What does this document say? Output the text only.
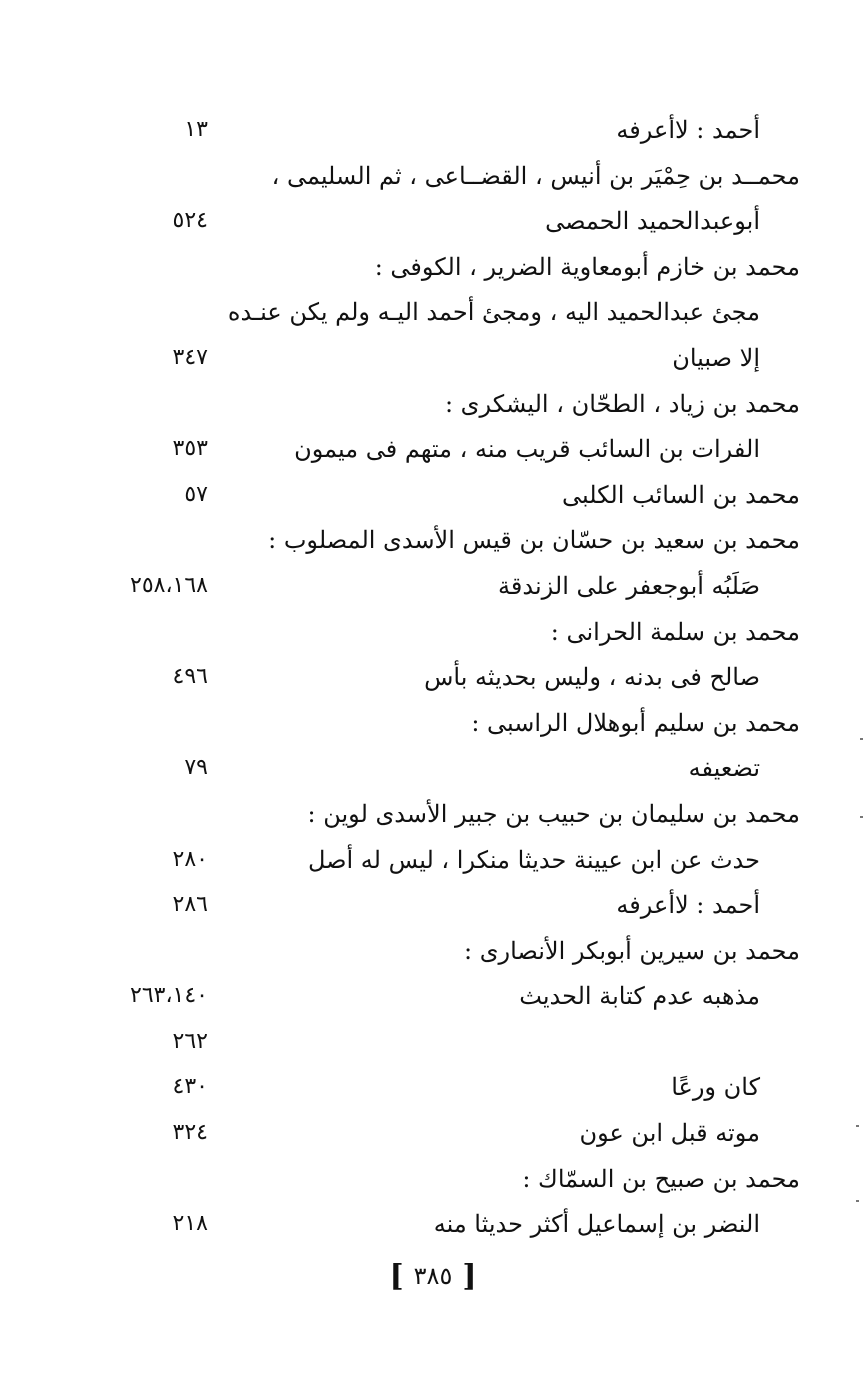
أحمد : لاأعرفه
١٣
محمــد بن حِمْيَر بن أنيس ، القضــاعى ، ثم السليمى ،
أبوعبدالحميد الحمصى
٥٢٤
محمد بن خازم أبومعاوية الضرير ، الكوفى :
مجئ عبدالحميد اليه ، ومجئ أحمد اليـه ولم يكن عنـده
إلا صبيان
٣٤٧
محمد بن زياد ، الطحّان ، اليشكرى :
الفرات بن السائب قريب منه ، متهم فى ميمون
٣٥٣
محمد بن السائب الكلبى
٥٧
محمد بن سعيد بن حسّان بن قيس الأسدى المصلوب :
صَلَبُه أبوجعفر على الزندقة
٢٥٨،١٦٨
محمد بن سلمة الحرانى :
صالح فى بدنه ، وليس بحديثه بأس
٤٩٦
محمد بن سليم أبوهلال الراسبى :
تضعيفه
٧٩
محمد بن سليمان بن حبيب بن جبير الأسدى لوين :
حدث عن ابن عيينة حديثا منكرا ، ليس له أصل
٢٨٠
أحمد : لاأعرفه
٢٨٦
محمد بن سيرين أبوبكر الأنصارى :
مذهبه عدم كتابة الحديث
٢٦٣،١٤٠
٢٦٢
كان ورعًا
٤٣٠
موته قبل ابن عون
٣٢٤
محمد بن صبيح بن السمّاك :
النضر بن إسماعيل أكثر حديثا منه
٢١٨
[ ٣٨٥ ]
